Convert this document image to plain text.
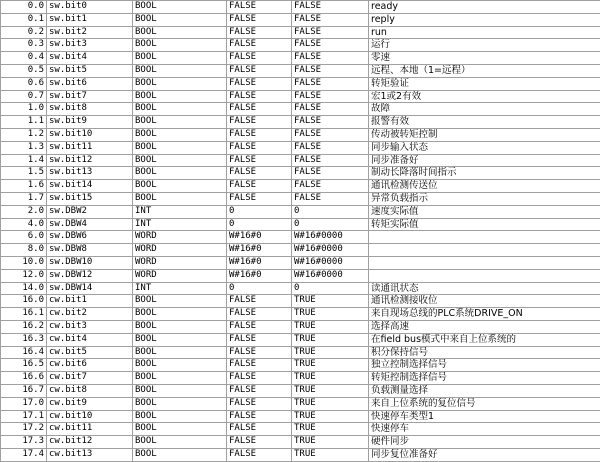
0.0	sw.bit0	BOOL	FALSE	FALSE	ready
0.1	sw.bit1	BOOL	FALSE	FALSE	reply
0.2	sw.bit2	BOOL	FALSE	FALSE	run
0.3	sw.bit3	BOOL	FALSE	FALSE	运行
0.4	sw.bit4	BOOL	FALSE	FALSE	零速
0.5	sw.bit5	BOOL	FALSE	FALSE	远程、本地（1=远程）
0.6	sw.bit6	BOOL	FALSE	FALSE	转矩验证
0.7	sw.bit7	BOOL	FALSE	FALSE	宏1或2有效
1.0	sw.bit8	BOOL	FALSE	FALSE	故障
1.1	sw.bit9	BOOL	FALSE	FALSE	报警有效
1.2	sw.bit10	BOOL	FALSE	FALSE	传动被转矩控制
1.3	sw.bit11	BOOL	FALSE	FALSE	同步输入状态
1.4	sw.bit12	BOOL	FALSE	FALSE	同步准备好
1.5	sw.bit13	BOOL	FALSE	FALSE	制动长降落时间指示
1.6	sw.bit14	BOOL	FALSE	FALSE	通讯检测传送位
1.7	sw.bit15	BOOL	FALSE	FALSE	异常负载指示
2.0	sw.DBW2	INT	0	0	速度实际值
4.0	sw.DBW4	INT	0	0	转矩实际值
6.0	sw.DBW6	WORD	W#16#0	W#16#0000	
8.0	sw.DBW8	WORD	W#16#0	W#16#0000	
10.0	sw.DBW10	WORD	W#16#0	W#16#0000	
12.0	sw.DBW12	WORD	W#16#0	W#16#0000	
14.0	sw.DBW14	INT	0	0	读通讯状态
16.0	cw.bit1	BOOL	FALSE	TRUE	通讯检测接收位
16.1	cw.bit2	BOOL	FALSE	TRUE	来自现场总线的PLC系统DRIVE_ON
16.2	cw.bit3	BOOL	FALSE	TRUE	选择高速
16.3	cw.bit4	BOOL	FALSE	TRUE	在field bus模式中来自上位系统的
16.4	cw.bit5	BOOL	FALSE	TRUE	积分保持信号
16.5	cw.bit6	BOOL	FALSE	TRUE	独立控制选择信号
16.6	cw.bit7	BOOL	FALSE	TRUE	转矩控制选择信号
16.7	cw.bit8	BOOL	FALSE	TRUE	负载测量选择
17.0	cw.bit9	BOOL	FALSE	TRUE	来自上位系统的复位信号
17.1	cw.bit10	BOOL	FALSE	TRUE	快速停车类型1
17.2	cw.bit11	BOOL	FALSE	TRUE	快速停车
17.3	cw.bit12	BOOL	FALSE	TRUE	硬件同步
17.4	cw.bit13	BOOL	FALSE	TRUE	同步复位准备好
